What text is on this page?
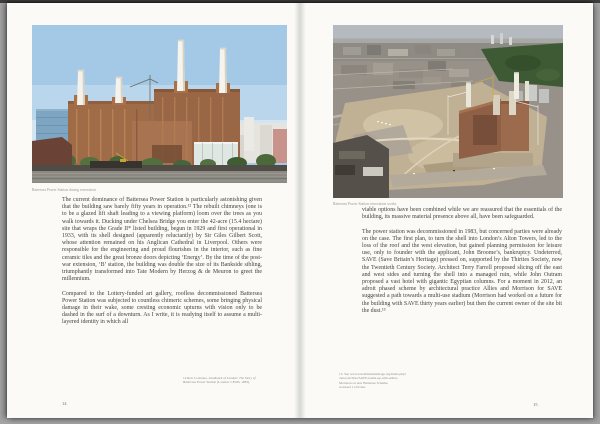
Battersea Power Station during renovation

The current dominance of Battersea Power Station is particularly astonishing given that the building saw barely fifty years in operation.¹² The rebuilt chimneys (one is to be a glazed lift shaft leading to a viewing platform) loom over the trees as you walk towards it. Ducking under Chelsea Bridge you enter the 42-acre (15.4 hectare) site that wraps the Grade II* listed building, begun in 1929 and first operational in 1933, with its shell designed (apparently reluctantly) by Sir Giles Gilbert Scott, whose attention remained on his Anglican Cathedral in Liverpool. Others were responsible for the engineering and proud flourishes in the interior, such as fine ceramic tiles and the great bronze doors depicting ‘Energy’. By the time of the post-war extension, ‘B’ station, the building was double the size of its Bankside sibling, triumphantly transformed into Tate Modern by Herzog & de Meuron to greet the millennium.

Compared to the Lottery-funded art gallery, roofless decommissioned Battersea Power Station was subjected to countless chimeric schemes, some bringing physical damage in their wake, some cresting economic upturns with vision only to be dashed in the surf of a downturn. As I write, it is readying itself to assume a multi-layered identity in which all

12 Rob Cochrane, Landmark of London: The Story of Battersea Power Station (London: CEGB, 1983).
14
Battersea Power Station renovation works

viable options have been combined while we are reassured that the essentials of the building, its massive material presence above all, have been safeguarded.

The power station was decommissioned in 1983, but concerned parties were already on the case. The first plan, to turn the shell into London’s Alton Towers, led to the loss of the roof and the west elevation, but gained planning permission for leisure use, only to founder with the applicant, John Broome’s, bankruptcy. Undeterred, SAVE (Save Britain’s Heritage) pressed on, supported by the Thirties Society, now the Twentieth Century Society. Architect Terry Farrell proposed slicing off the east and west sides and turning the shell into a managed ruin, while John Outram proposed a vast hotel with gigantic Egyptian columns. For a moment in 2012, an adroit phased scheme by architectural practice Allies and Morrison for SAVE suggested a path towards a multi-use stadium (Morrison had worked on a future for the building with SAVE thirty years earlier) but then the current owner of the site bit the dust.¹³

13. See www.savebritainsheritage.org/index.php?
/news/archive/SAVE-teams-up-with-Allies-
Morrison on new Battersea Scheme,
accessed 1 October.
15
